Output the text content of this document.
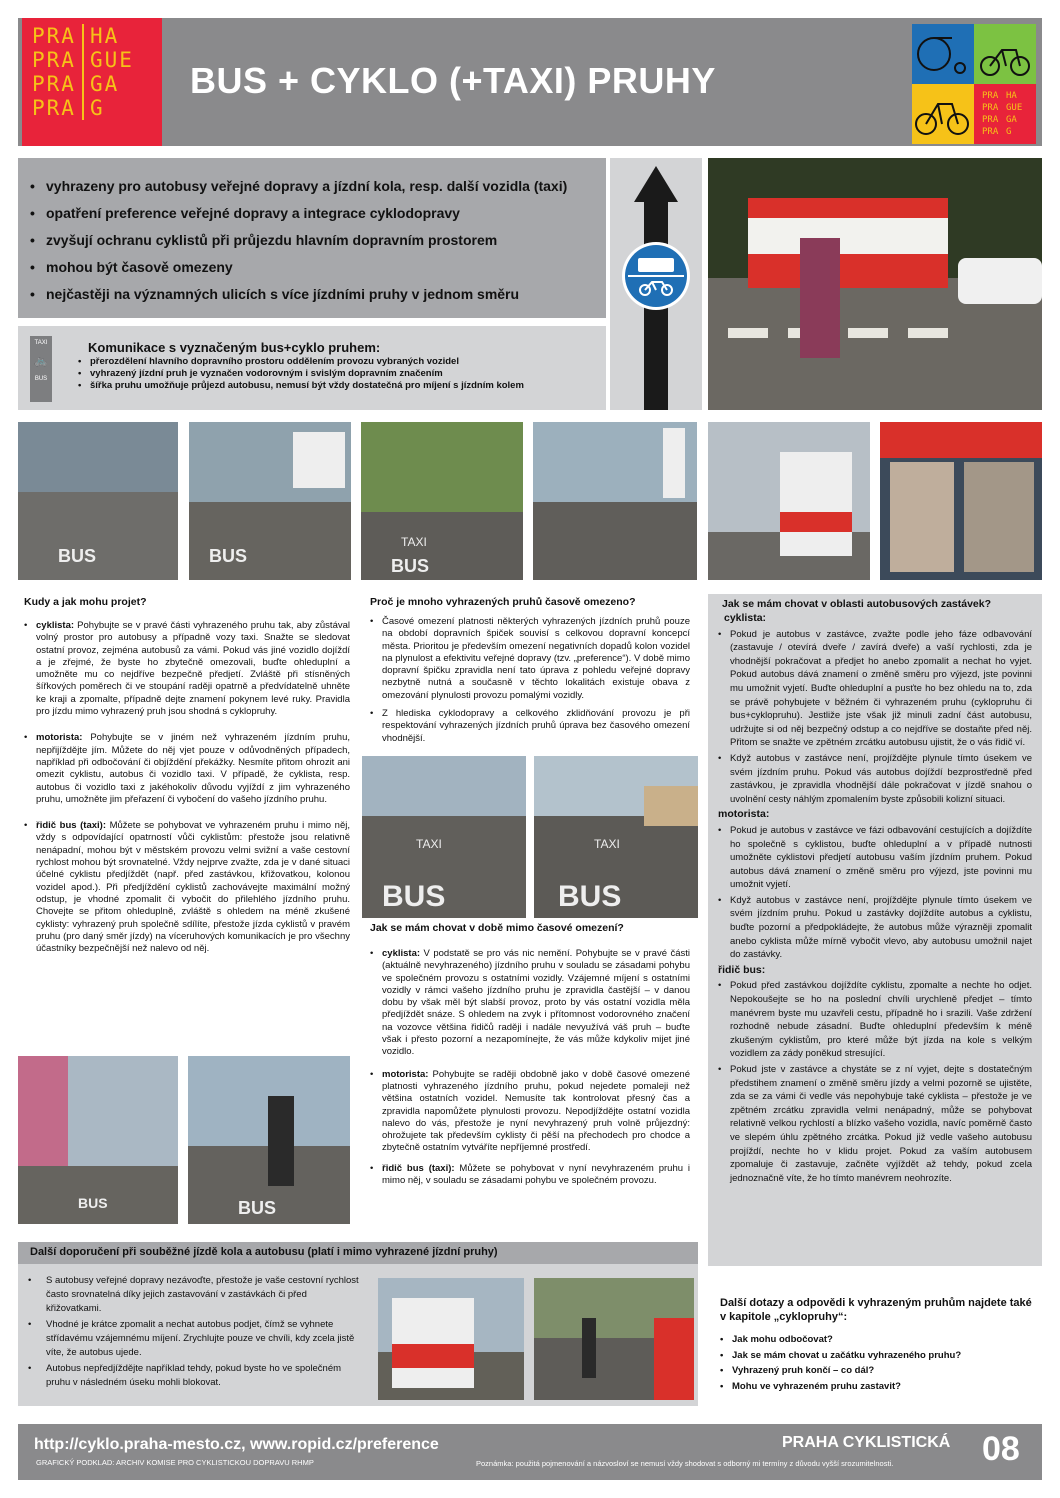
PRA HA
PRA GUE
PRA GA
PRA G
BUS + CYKLO (+TAXI) PRUHY	PRA HA
PRA GUE
PRA GA
PRA G
• vyhrazeny pro autobusy veřejné dopravy a jízdní kola, resp. další vozidla (taxi)
• opatření preference veřejné dopravy a integrace cyklodopravy
• zvyšují ochranu cyklistů při průjezdu hlavním dopravním prostorem
• mohou být časově omezeny
• nejčastěji na významných ulicích s více jízdními pruhy v jednom směru
TAXI
🚲
BUS
Komunikace s vyznačeným bus+cyklo pruhem:
• přerozdělení hlavního dopravního prostoru oddělením provozu vybraných vozidel
• vyhrazený jízdní pruh je vyznačen vodorovným i svislým dopravním značením
• šířka pruhu umožňuje průjezd autobusu, nemusí být vždy dostatečná pro míjení s jízdním kolem
BUS	BUS
TAXI
BUS
Kudy a jak mohu projet?

• cyklista: Pohybujte se v pravé části vyhrazeného pruhu tak, aby zůstával volný prostor pro autobusy a případně vozy taxi. Snažte se sledovat ostatní provoz, zejména autobusů za vámi. Pokud vás jiné vozidlo dojíždí a je zřejmé, že byste ho zbytečně omezovali, buďte ohleduplní a umožněte mu co nejdříve bezpečně předjetí. Zvláště při stísněných šířkových poměrech či ve stoupání raději opatrně a předvídatelně uhněte ke kraji a zpomalte, případně dejte znamení pokynem levé ruky. Pravidla pro jízdu mimo vyhrazený pruh jsou shodná s cyklopruhy.

• motorista: Pohybujte se v jiném než vyhrazeném jízdním pruhu, nepřijíždějte jím. Můžete do něj vjet pouze v odůvodněných případech, například při odbočování či objíždění překážky. Nesmíte přitom ohrozit ani omezit cyklistu, autobus či vozidlo taxi. V případě, že cyklista, resp. autobus či vozidlo taxi z jakéhokoliv důvodu vyjíždí z jim vyhrazeného pruhu, umožněte jim přeřazení či vybočení do vašeho jízdního pruhu.

• řidič bus (taxi): Můžete se pohybovat ve vyhrazeném pruhu i mimo něj, vždy s odpovídající opatrností vůči cyklistům: přestože jsou relativně nenápadní, mohou být v městském provozu velmi svižní a vaše cestovní rychlost mohou být srovnatelné. Vždy nejprve zvažte, zda je v dané situaci účelné cyklistu předjíždět (např. před zastávkou, křižovatkou, kolonou vozidel apod.). Při předjíždění cyklistů zachovávejte maximální možný odstup, je vhodné zpomalit či vybočit do přilehlého jízdního pruhu. Chovejte se přitom ohleduplně, zvláště s ohledem na méně zkušené cyklisty: vyhrazený pruh společně sdílíte, přestože jízda cyklistů v pravém pruhu (pro daný směr jízdy) na víceruhových komunikacích je pro všechny účastníky bezpečnější než nalevo od něj.

BUS	BUS
Proč je mnoho vyhrazených pruhů časově omezeno?

• Časové omezení platnosti některých vyhrazených jízdních pruhů pouze na období dopravních špiček souvisí s celkovou dopravní koncepcí města. Prioritou je především omezení negativních dopadů kolon vozidel na plynulost a efektivitu veřejné dopravy (tzv. „preference“). V době mimo dopravní špičku zpravidla není tato úprava z pohledu veřejné dopravy nezbytně nutná a současně v těchto lokalitách existuje obava z omezování plynulosti provozu pomalými vozidly.

• Z hlediska cyklodopravy a celkového zklidňování provozu je při respektování vyhrazených jízdních pruhů úprava bez časového omezení vhodnější.

TAXI
BUS
TAXI
BUS
Jak se mám chovat v době mimo časové omezení?

• cyklista: V podstatě se pro vás nic nemění. Pohybujte se v pravé části (aktuálně nevyhrazeného) jízdního pruhu v souladu se zásadami pohybu ve společném provozu s ostatními vozidly. Vzájemné míjení s ostatními vozidly v rámci vašeho jízdního pruhu je zpravidla častější – v danou dobu by však měl být slabší provoz, proto by vás ostatní vozidla měla předjíždět snáze. S ohledem na zvyk i přítomnost vodorovného značení na vozovce většina řidičů raději i nadále nevyužívá váš pruh – buďte však i přesto pozorní a nezapomínejte, že vás může kdykoliv mijet jiné vozidlo.

• motorista: Pohybujte se raději obdobně jako v době časové omezené platnosti vyhrazeného jízdního pruhu, pokud nejedete pomaleji než většina ostatních vozidel. Nemusíte tak kontrolovat přesný čas a zpravidla napomůžete plynulosti provozu. Nepodjíždějte ostatní vozidla nalevo do vás, přestože je nyní nevyhrazený pruh volně průjezdný: ohrožujete tak především cyklisty či pěší na přechodech pro chodce a zbytečně ostatním vytváříte nepříjemné prostředí.

• řidič bus (taxi): Můžete se pohybovat v nyní nevyhrazeném pruhu i mimo něj, v souladu se zásadami pohybu ve společném provozu.

Jak se mám chovat v oblasti autobusových zastávek?
cyklista:

• Pokud je autobus v zastávce, zvažte podle jeho fáze odbavování (zastavuje / otevírá dveře / zavírá dveře) a vaší rychlosti, zda je vhodnější pokračovat a předjet ho anebo zpomalit a nechat ho vyjet. Pokud autobus dává znamení o změně směru pro výjezd, jste povinni mu umožnit vyjetí. Buďte ohleduplní a pusťte ho bez ohledu na to, zda se právě pohybujete v běžném či vyhrazeném pruhu (cyklopruhu či bus+cyklopruhu). Jestliže jste však již minuli zadní část autobusu, udržujte si od něj bezpečný odstup a co nejdříve se dostaňte před něj. Přitom se snažte ve zpětném zrcátku autobusu ujistit, že o vás řidič ví.

• Když autobus v zastávce není, projíždějte plynule tímto úsekem ve svém jízdním pruhu. Pokud vás autobus dojíždí bezprostředně před zastávkou, je zpravidla vhodnější dále pokračovat v jízdě snahou o uvolnění cesty náhlým zpomalením byste způsobili kolizní situaci.

motorista:

• Pokud je autobus v zastávce ve fázi odbavování cestujících a dojíždíte ho společně s cyklistou, buďte ohleduplní a v případě nutnosti umožněte cyklistovi předjetí autobusu vaším jízdním pruhem. Pokud autobus dává znamení o změně směru pro výjezd, jste povinni mu umožnit vyjetí.

• Když autobus v zastávce není, projíždějte plynule tímto úsekem ve svém jízdním pruhu. Pokud u zastávky dojíždíte autobus a cyklistu, buďte pozorní a předpokládejte, že autobus může výrazněji zpomalit anebo cyklista může mírně vybočit vlevo, aby autobusu umožnil najet do zastávky.

řidič bus:

• Pokud před zastávkou dojíždíte cyklistu, zpomalte a nechte ho odjet. Nepokoušejte se ho na poslední chvíli urychleně předjet – tímto manévrem byste mu uzavřeli cestu, případně ho i srazili. Vaše zdržení rozhodně nebude zásadní. Buďte ohleduplní především k méně zkušeným cyklistům, pro které může být jízda na kole s velkým vozidlem za zády poněkud stresující.

• Pokud jste v zastávce a chystáte se z ní vyjet, dejte s dostatečným předstihem znamení o změně směru jízdy a velmi pozorně se ujistěte, zda se za vámi či vedle vás nepohybuje také cyklista – přestože je ve zpětném zrcátku zpravidla velmi nenápadný, může se pohybovat relativně velkou rychlostí a blízko vašeho vozidla, navíc poměrně často ve slepém úhlu zpětného zrcátka. Pokud již vedle vašeho autobusu projíždí, nechte ho v klidu projet. Pokud za vaším autobusem zpomaluje či zastavuje, začněte vyjíždět až tehdy, pokud zcela jednoznačně víte, že ho tímto manévrem neohrozíte.

Další doporučení při souběžné jízdě kola a autobusu (platí i mimo vyhrazené jízdní pruhy)

•	S autobusy veřejné dopravy nezávoďte, přestože je vaše cestovní rychlost často srovnatelná díky jejich zastavování v zastávkách či před křižovatkami.

•	Vhodné je krátce zpomalit a nechat autobus podjet, čímž se vyhnete střídavému vzájemnému míjení. Zrychlujte pouze ve chvíli, kdy zcela jistě víte, že autobus ujede.

•	Autobus nepředjíždějte například tehdy, pokud byste ho ve společném pruhu v následném úseku mohli blokovat.

Další dotazy a odpovědi k vyhrazeným pruhům najdete také v kapitole „cyklopruhy“:
• Jak mohu odbočovat?
• Jak se mám chovat u začátku vyhrazeného pruhu?
• Vyhrazený pruh končí – co dál?
• Mohu ve vyhrazeném pruhu zastavit?
http://cyklo.praha-mesto.cz, www.ropid.cz/preference
GRAFICKÝ PODKLAD: ARCHIV KOMISE PRO CYKLISTICKOU DOPRAVU RHMP
PRAHA CYKLISTICKÁ
Poznámka: použitá pojmenování a názvosloví se nemusí vždy shodovat s odborný mi termíny z důvodu vyšší srozumitelnosti.	08
